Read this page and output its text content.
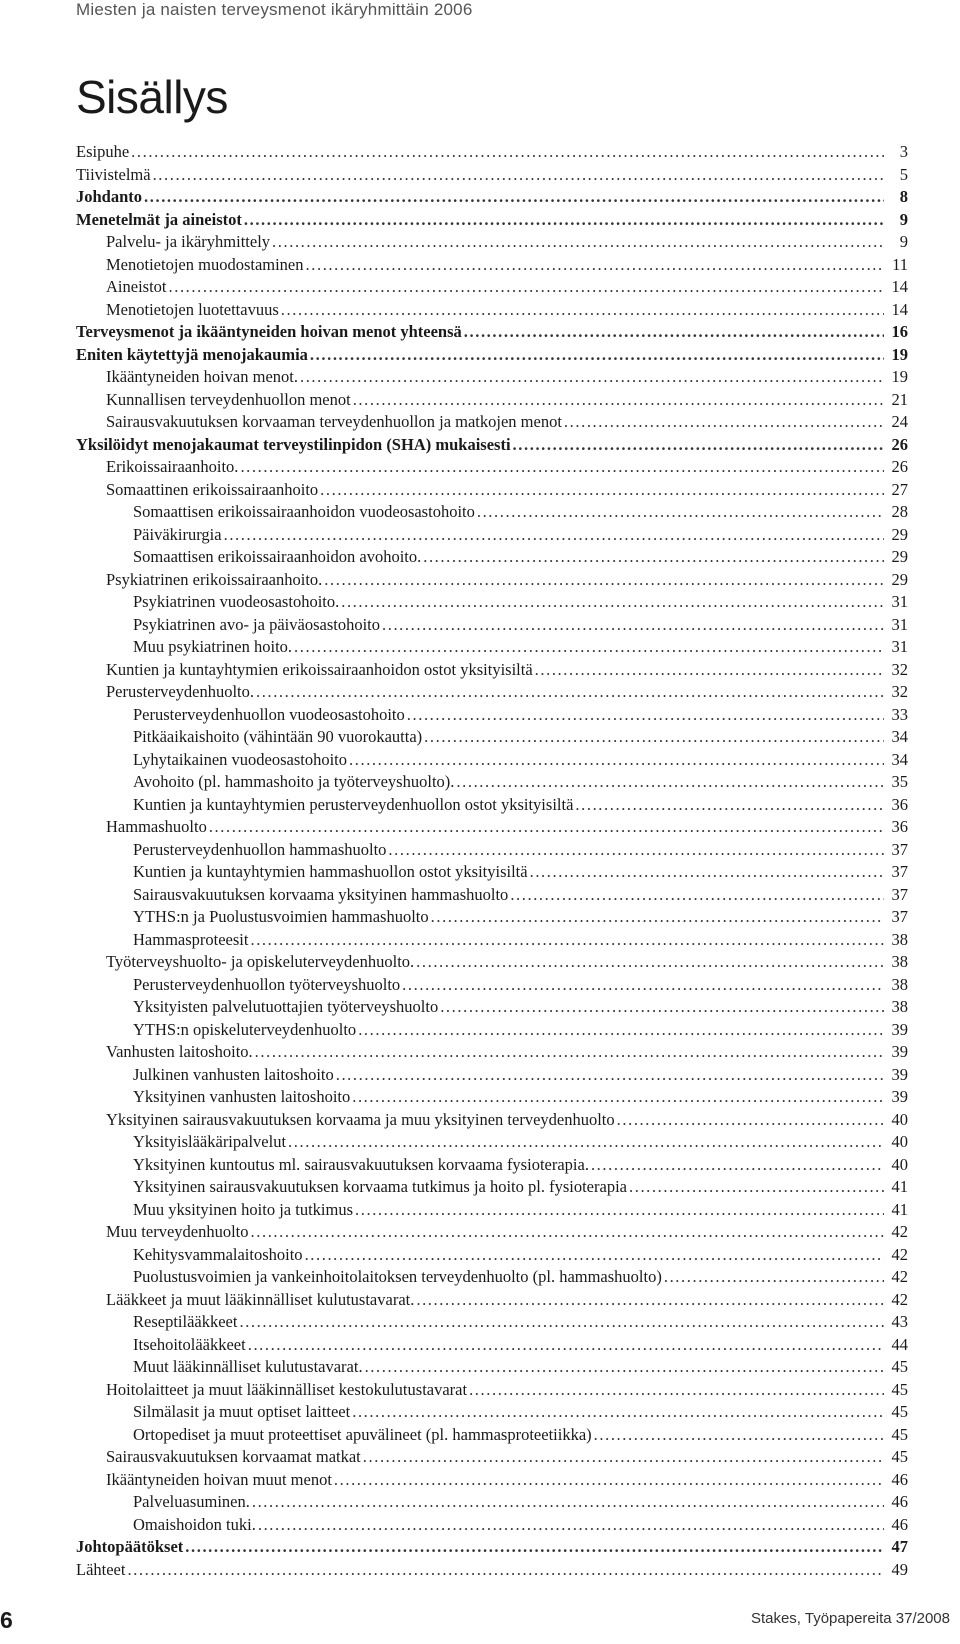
Miesten ja naisten terveysmenot ikäryhmittäin 2006
Sisällys
Esipuhe .....	3
Tiivistelmä .....	5
Johdanto .....	8
Menetelmät ja aineistot .....	9
Palvelu- ja ikäryhmittely .....	9
Menotietojen muodostaminen .....	11
Aineistot .....	14
Menotietojen luotettavuus .....	14
Terveysmenot ja ikääntyneiden hoivan menot yhteensä .....	16
Eniten käytettyjä menojakaumia .....	19
Ikääntyneiden hoivan menot. .....	19
Kunnallisen terveydenhuollon menot .....	21
Sairausvakuutuksen korvaaman terveydenhuollon ja matkojen menot .....	24
Yksilöidyt menojakaumat terveystilinpidon (SHA) mukaisesti .....	26
Erikoissairaanhoito. .....	26
Somaattinen erikoissairaanhoito .....	27
Somaattisen erikoissairaanhoidon vuodeosastohoito .....	28
Päiväkirurgia .....	29
Somaattisen erikoissairaanhoidon avohoito. .....	29
Psykiatrinen erikoissairaanhoito. .....	29
Psykiatrinen vuodeosastohoito. .....	31
Psykiatrinen avo- ja päiväosastohoito .....	31
Muu psykiatrinen hoito. .....	31
Kuntien ja kuntayhtymien erikoissairaanhoidon ostot yksityisiltä .....	32
Perusterveydenhuolto. .....	32
Perusterveydenhuollon vuodeosastohoito .....	33
Pitkäaikaishoito (vähintään 90 vuorokautta) .....	34
Lyhytaikainen vuodeosastohoito .....	34
Avohoito (pl. hammashoito ja työterveyshuolto). .....	35
Kuntien ja kuntayhtymien perusterveydenhuollon ostot yksityisiltä .....	36
Hammashuolto .....	36
Perusterveydenhuollon hammashuolto .....	37
Kuntien ja kuntayhtymien hammashuollon ostot yksityisiltä .....	37
Sairausvakuutuksen korvaama yksityinen hammashuolto .....	37
YTHS:n ja Puolustusvoimien hammashuolto .....	37
Hammasproteesit .....	38
Työterveyshuolto- ja opiskeluterveydenhuolto. .....	38
Perusterveydenhuollon työterveyshuolto .....	38
Yksityisten palvelutuottajien työterveyshuolto .....	38
YTHS:n opiskeluterveydenhuolto .....	39
Vanhusten laitoshoito. .....	39
Julkinen vanhusten laitoshoito .....	39
Yksityinen vanhusten laitoshoito .....	39
Yksityinen sairausvakuutuksen korvaama ja muu yksityinen terveydenhuolto .....	40
Yksityislääkäripalvelut .....	40
Yksityinen kuntoutus ml. sairausvakuutuksen korvaama fysioterapia. .....	40
Yksityinen sairausvakuutuksen korvaama tutkimus ja hoito pl. fysioterapia .....	41
Muu yksityinen hoito ja tutkimus .....	41
Muu terveydenhuolto .....	42
Kehitysvammalaitoshoito .....	42
Puolustusvoimien ja vankeinhoitolaitoksen terveydenhuolto (pl. hammashuolto) .....	42
Lääkkeet ja muut lääkinnälliset kulutustavarat. .....	42
Reseptilääkkeet .....	43
Itsehoitolääkkeet .....	44
Muut lääkinnälliset kulutustavarat. .....	45
Hoitolaitteet ja muut lääkinnälliset kestokulutustavarat .....	45
Silmälasit ja muut optiset laitteet .....	45
Ortopediset ja muut proteettiset apuvälineet (pl. hammasproteetiikka) .....	45
Sairausvakuutuksen korvaamat matkat .....	45
Ikääntyneiden hoivan muut menot .....	46
Palveluasuminen. .....	46
Omaishoidon tuki. .....	46
Johtopäätökset .....	47
Lähteet .....	49
6	Stakes, Työpapereita 37/2008
